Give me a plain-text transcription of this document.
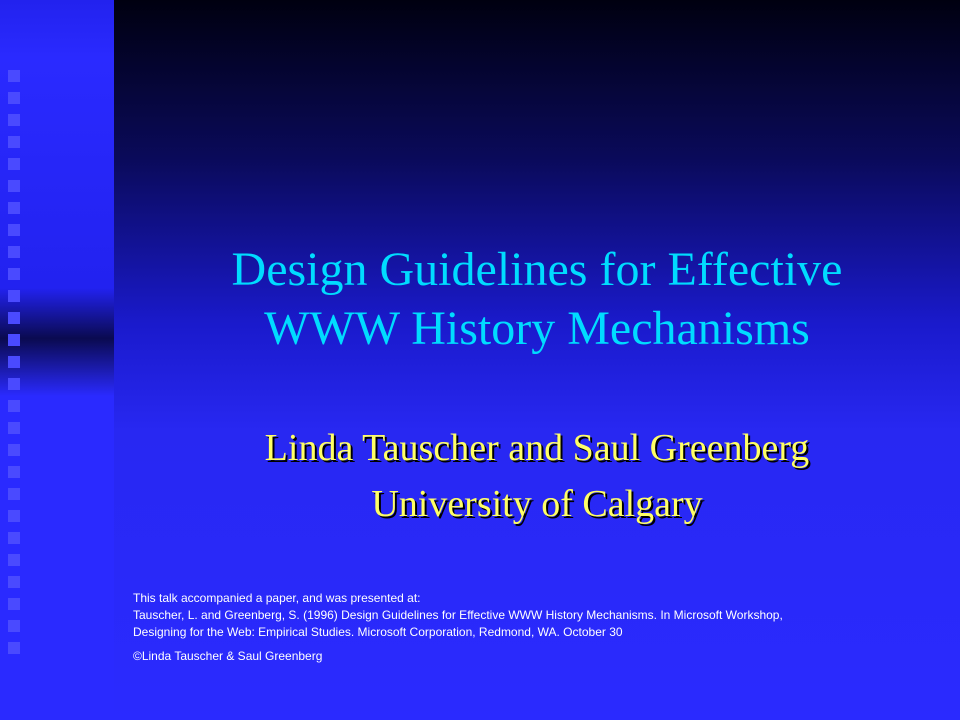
Design Guidelines for Effective
WWW History Mechanisms
Linda Tauscher and Saul Greenberg
University of Calgary
This talk accompanied a paper, and was presented at:
Tauscher, L. and Greenberg, S. (1996) Design Guidelines for Effective WWW History Mechanisms. In Microsoft Workshop,
Designing for the Web: Empirical Studies. Microsoft Corporation, Redmond, WA. October 30
©Linda Tauscher & Saul Greenberg
